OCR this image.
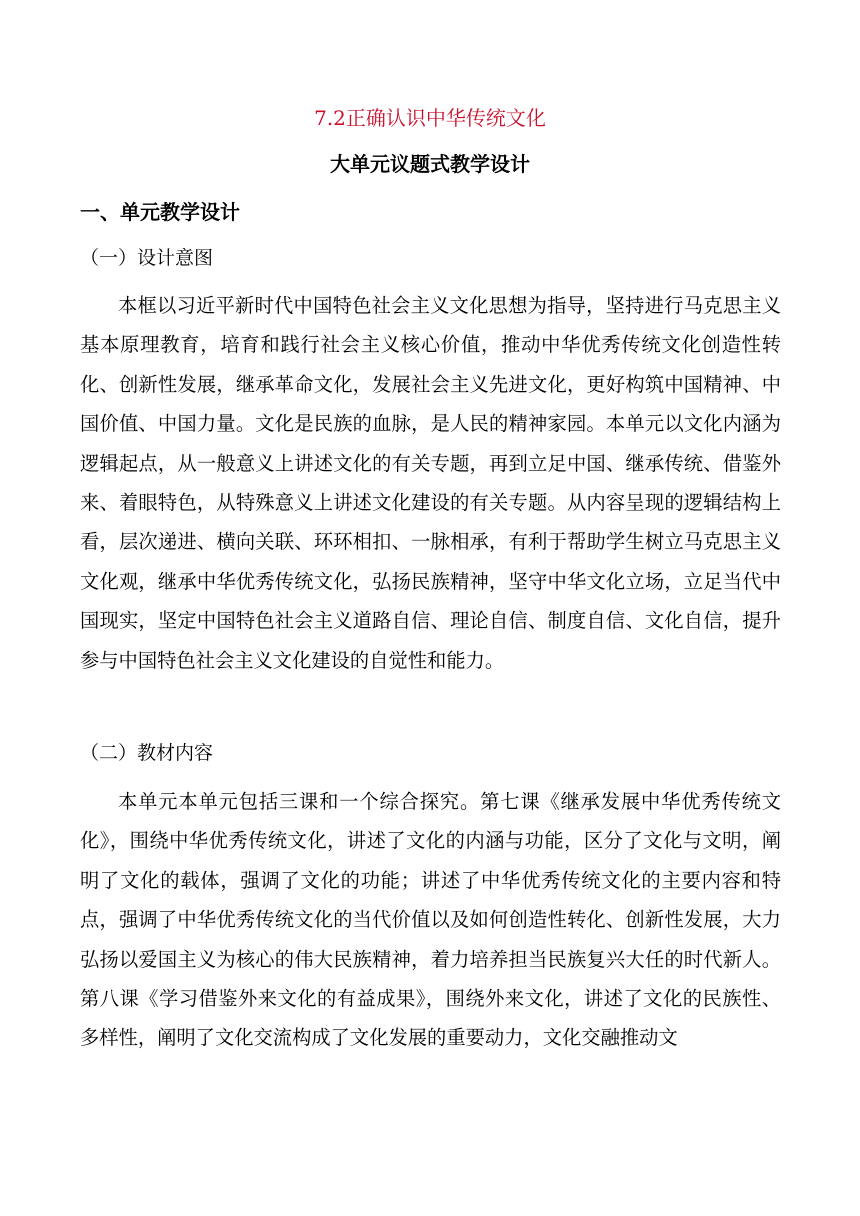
7.2正确认识中华传统文化
大单元议题式教学设计
一、单元教学设计
（一）设计意图

本框以习近平新时代中国特色社会主义文化思想为指导，坚持进行马克思主义基本原理教育，培育和践行社会主义核心价值，推动中华优秀传统文化创造性转化、创新性发展，继承革命文化，发展社会主义先进文化，更好构筑中国精神、中国价值、中国力量。文化是民族的血脉，是人民的精神家园。本单元以文化内涵为逻辑起点，从一般意义上讲述文化的有关专题，再到立足中国、继承传统、借鉴外来、着眼特色，从特殊意义上讲述文化建设的有关专题。从内容呈现的逻辑结构上看，层次递进、横向关联、环环相扣、一脉相承，有利于帮助学生树立马克思主义文化观，继承中华优秀传统文化，弘扬民族精神，坚守中华文化立场，立足当代中国现实，坚定中国特色社会主义道路自信、理论自信、制度自信、文化自信，提升参与中国特色社会主义文化建设的自觉性和能力。

（二）教材内容

本单元本单元包括三课和一个综合探究。第七课《继承发展中华优秀传统文化》，围绕中华优秀传统文化，讲述了文化的内涵与功能，区分了文化与文明，阐明了文化的载体，强调了文化的功能；讲述了中华优秀传统文化的主要内容和特点，强调了中华优秀传统文化的当代价值以及如何创造性转化、创新性发展，大力弘扬以爱国主义为核心的伟大民族精神，着力培养担当民族复兴大任的时代新人。第八课《学习借鉴外来文化的有益成果》，围绕外来文化，讲述了文化的民族性、多样性，阐明了文化交流构成了文化发展的重要动力，文化交融推动文
